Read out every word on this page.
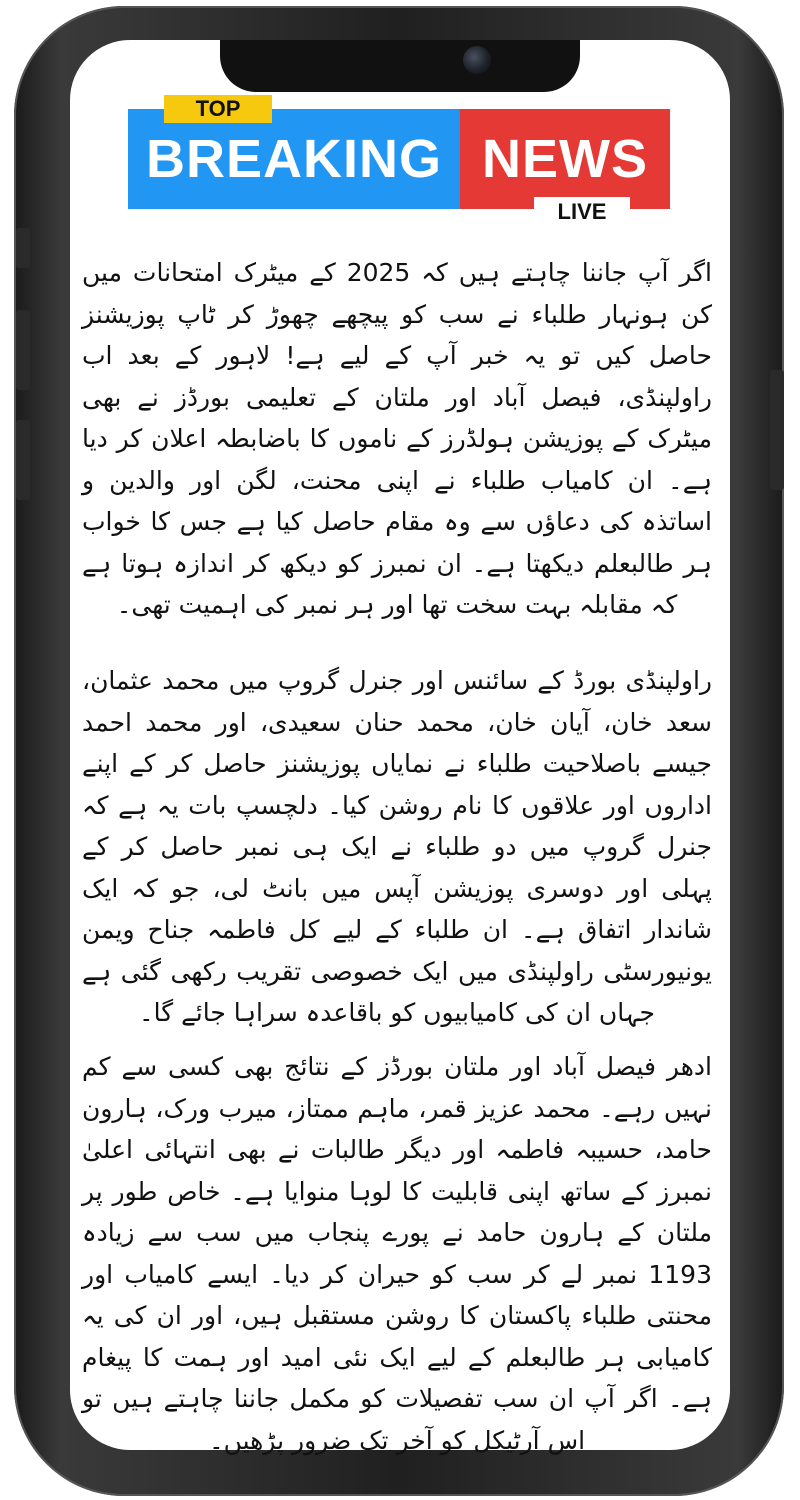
BREAKING NEWS
TOP
LIVE

اگر آپ جاننا چاہتے ہیں کہ 2025 کے میٹرک امتحانات میں کن ہونہار طلباء نے سب کو پیچھے چھوڑ کر ٹاپ پوزیشنز حاصل کیں تو یہ خبر آپ کے لیے ہے! لاہور کے بعد اب راولپنڈی، فیصل آباد اور ملتان کے تعلیمی بورڈز نے بھی میٹرک کے پوزیشن ہولڈرز کے ناموں کا باضابطہ اعلان کر دیا ہے۔ ان کامیاب طلباء نے اپنی محنت، لگن اور والدین و اساتذہ کی دعاؤں سے وہ مقام حاصل کیا ہے جس کا خواب ہر طالبعلم دیکھتا ہے۔ ان نمبرز کو دیکھ کر اندازہ ہوتا ہے کہ مقابلہ بہت سخت تھا اور ہر نمبر کی اہمیت تھی۔

راولپنڈی بورڈ کے سائنس اور جنرل گروپ میں محمد عثمان، سعد خان، آیان خان، محمد حنان سعیدی، اور محمد احمد جیسے باصلاحیت طلباء نے نمایاں پوزیشنز حاصل کر کے اپنے اداروں اور علاقوں کا نام روشن کیا۔ دلچسپ بات یہ ہے کہ جنرل گروپ میں دو طلباء نے ایک ہی نمبر حاصل کر کے پہلی اور دوسری پوزیشن آپس میں بانٹ لی، جو کہ ایک شاندار اتفاق ہے۔ ان طلباء کے لیے کل فاطمہ جناح ویمن یونیورسٹی راولپنڈی میں ایک خصوصی تقریب رکھی گئی ہے جہاں ان کی کامیابیوں کو باقاعدہ سراہا جائے گا۔

ادھر فیصل آباد اور ملتان بورڈز کے نتائج بھی کسی سے کم نہیں رہے۔ محمد عزیز قمر، ماہم ممتاز، میرب ورک، ہارون حامد، حسیبہ فاطمہ اور دیگر طالبات نے بھی انتہائی اعلیٰ نمبرز کے ساتھ اپنی قابلیت کا لوہا منوایا ہے۔ خاص طور پر ملتان کے ہارون حامد نے پورے پنجاب میں سب سے زیادہ 1193 نمبر لے کر سب کو حیران کر دیا۔ ایسے کامیاب اور محنتی طلباء پاکستان کا روشن مستقبل ہیں، اور ان کی یہ کامیابی ہر طالبعلم کے لیے ایک نئی امید اور ہمت کا پیغام ہے۔ اگر آپ ان سب تفصیلات کو مکمل جاننا چاہتے ہیں تو اس آرٹیکل کو آخر تک ضرور پڑھیں۔
